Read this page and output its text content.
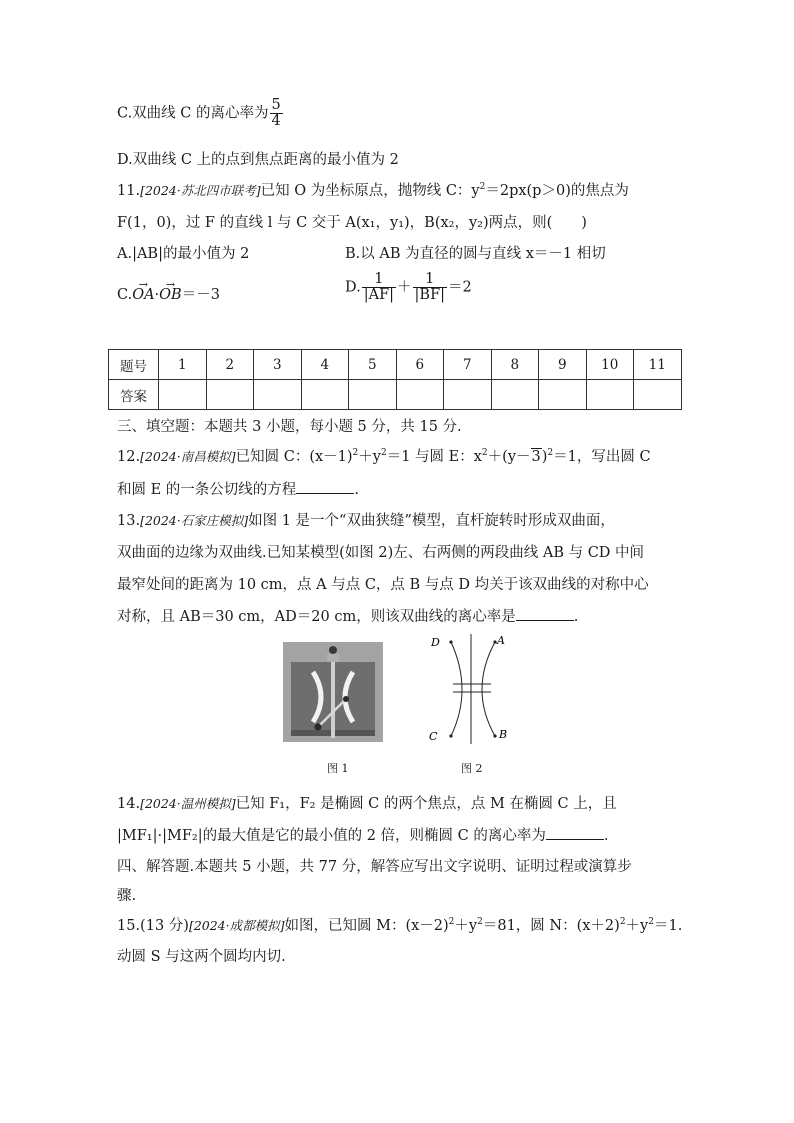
C.双曲线 C 的离心率为 $\frac{5}{4}$
D.双曲线 C 上的点到焦点距离的最小值为 2
11.[2024·苏北四市联考]已知 O 为坐标原点，抛物线 C：$y^2=2px(p>0)$的焦点为
F(1，0)，过 F 的直线 l 与 C 交于 A(x₁，y₁)，B(x₂，y₂)两点，则(　　)
A.|AB|的最小值为 2	B.以 AB 为直径的圆与直线 x＝－1 相切
C.→ OA·→ OB＝－3	D. $\frac{1}{|AF|} + \frac{1}{|BF|} =2$
题号	1	2	3	4	5	6	7	8	9	10	11
答案											
三、填空题：本题共 3 小题，每小题 5 分，共 15 分.
12.[2024·南昌模拟]已知圆 C：$(x-1)^2+y^2=1$ 与圆 E：$x^2+(y-3)^2=1$，写出圆 C
和圆 E 的一条公切线的方程	.
13.[2024·石家庄模拟]如图 1 是一个“双曲狭缝”模型，直杆旋转时形成双曲面，
双曲面的边缘为双曲线.已知某模型(如图 2)左、右两侧的两段曲线 AB 与 CD 中间
最窄处间的距离为 10 cm，点 A 与点 C，点 B 与点 D 均关于该双曲线的对称中心
对称，且 AB＝30 cm，AD＝20 cm，则该双曲线的离心率是	.
图 1
D	A
C	B
图 2
14.[2024·温州模拟]已知 F₁，F₂ 是椭圆 C 的两个焦点，点 M 在椭圆 C 上，且
|MF₁|·|MF₂|的最大值是它的最小值的 2 倍，则椭圆 C 的离心率为	.
四、解答题.本题共 5 小题，共 77 分，解答应写出文字说明、证明过程或演算步
骤.
15.(13 分)[2024·成都模拟]如图，已知圆 M：$(x-2)^2+y^2=81$，圆 N：$(x+2)^2+y^2=1$.
动圆 S 与这两个圆均内切.
